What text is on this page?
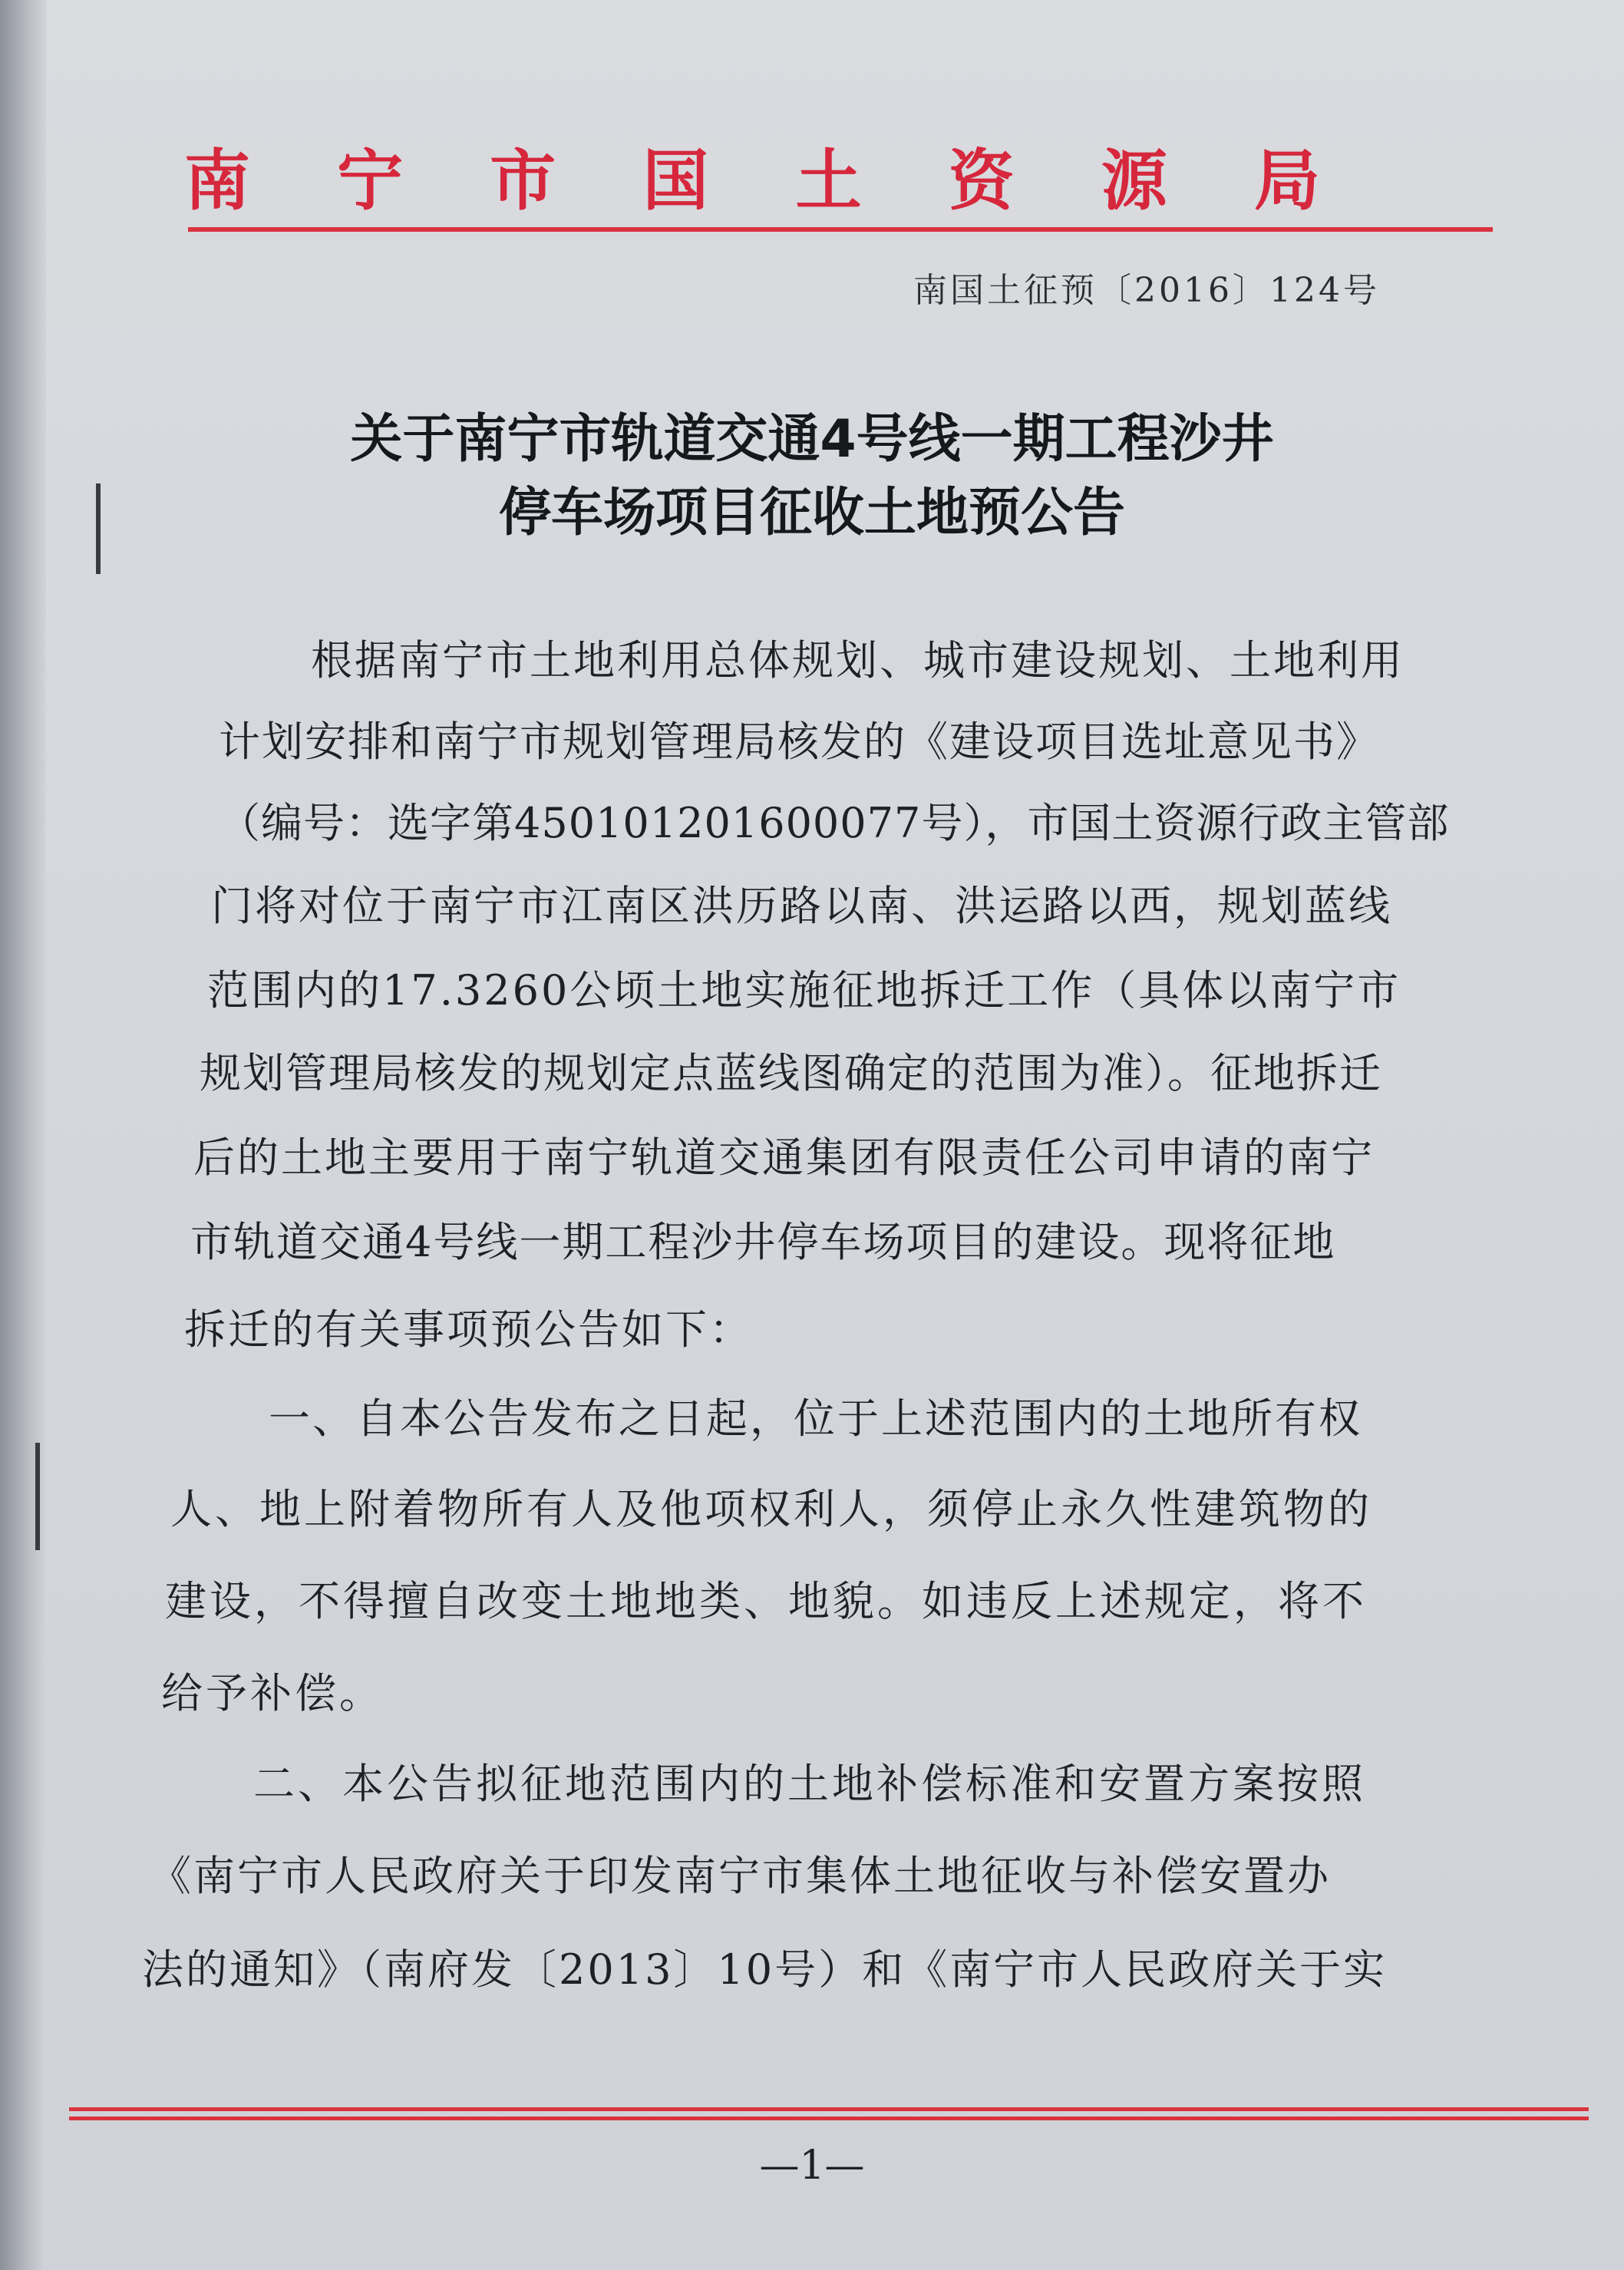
南 宁 市 国 土 资 源 局
南国土征预〔2016〕124号
关于南宁市轨道交通4号线一期工程沙井
停车场项目征收土地预公告
根据南宁市土地利用总体规划、城市建设规划、土地利用
计划安排和南宁市规划管理局核发的《建设项目选址意见书》
（编号：选字第450101201600077号），市国土资源行政主管部
门将对位于南宁市江南区洪历路以南、洪运路以西，规划蓝线
范围内的17.3260公顷土地实施征地拆迁工作（具体以南宁市
规划管理局核发的规划定点蓝线图确定的范围为准）。征地拆迁
后的土地主要用于南宁轨道交通集团有限责任公司申请的南宁
市轨道交通4号线一期工程沙井停车场项目的建设。现将征地
拆迁的有关事项预公告如下：
一、自本公告发布之日起，位于上述范围内的土地所有权
人、地上附着物所有人及他项权利人，须停止永久性建筑物的
建设，不得擅自改变土地地类、地貌。如违反上述规定，将不
给予补偿。
二、本公告拟征地范围内的土地补偿标准和安置方案按照
《南宁市人民政府关于印发南宁市集体土地征收与补偿安置办
法的通知》（南府发〔2013〕10号）和《南宁市人民政府关于实
—1—
